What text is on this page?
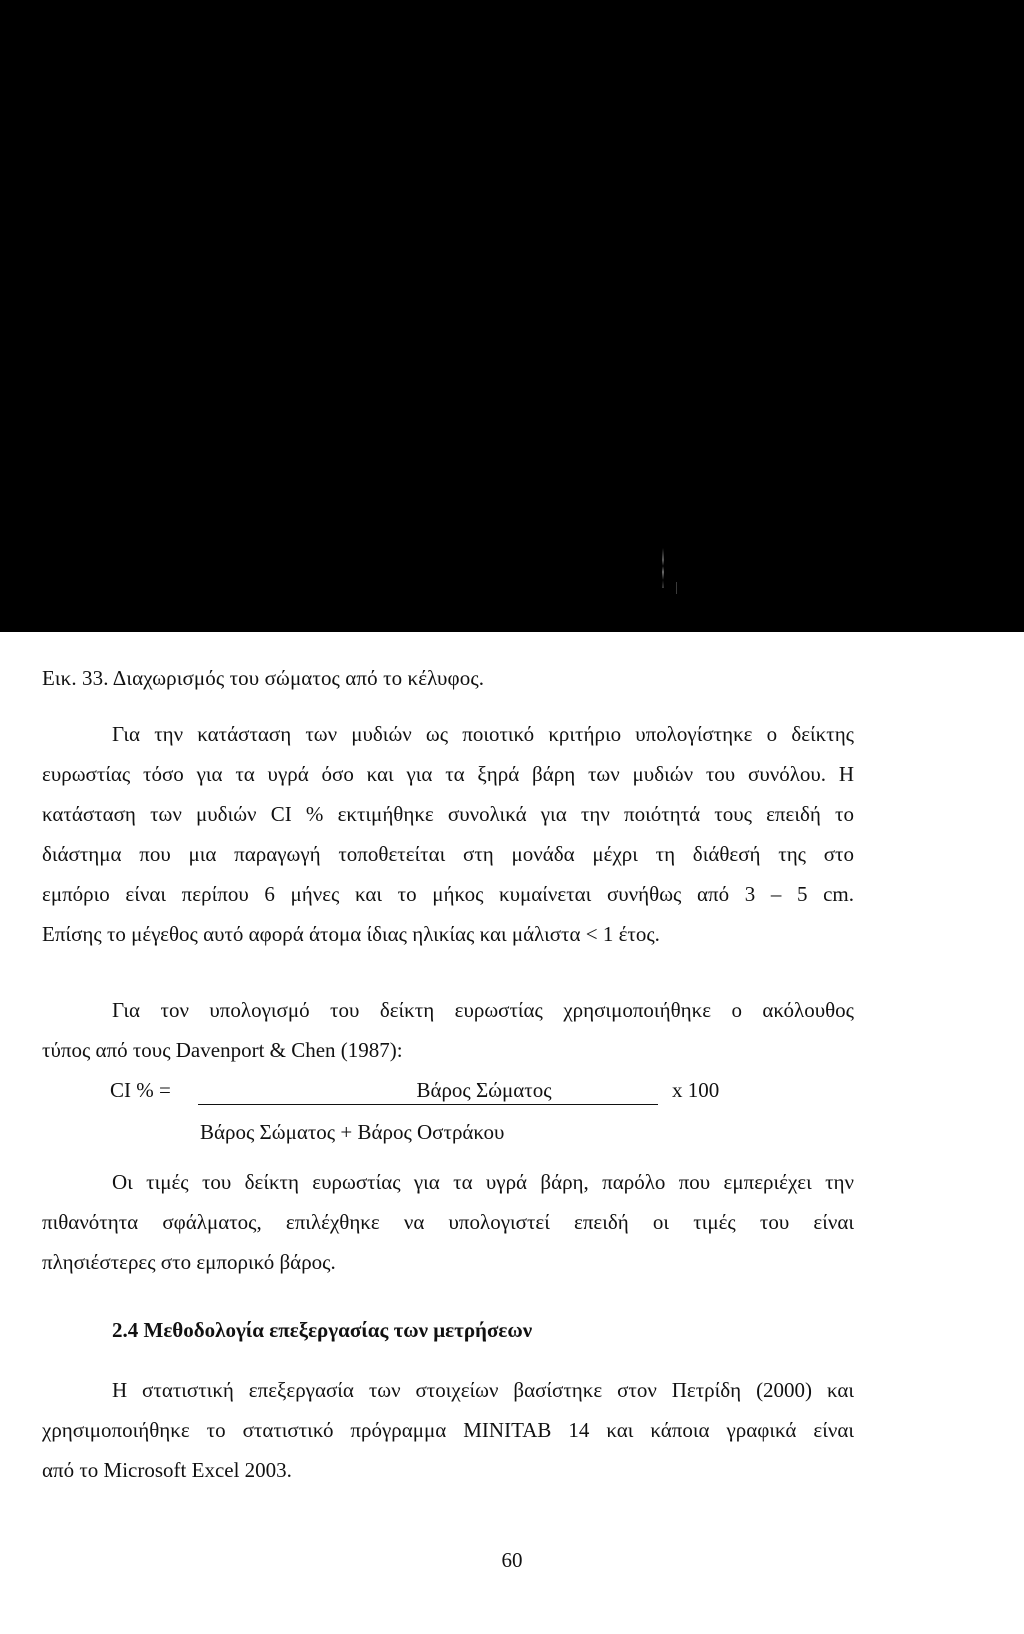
Εικ. 33. Διαχωρισμός του σώματος από το κέλυφος.

Για την κατάσταση των μυδιών ως ποιοτικό κριτήριο υπολογίστηκε ο δείκτης
ευρωστίας τόσο για τα υγρά όσο και για τα ξηρά βάρη των μυδιών του συνόλου. Η
κατάσταση των μυδιών CI % εκτιμήθηκε συνολικά για την ποιότητά τους επειδή το
διάστημα που μια παραγωγή τοποθετείται στη μονάδα μέχρι τη διάθεσή της στο
εμπόριο είναι περίπου 6 μήνες και το μήκος κυμαίνεται συνήθως από 3 – 5 cm.
Επίσης το μέγεθος αυτό αφορά άτομα ίδιας ηλικίας και μάλιστα < 1 έτος.

Για τον υπολογισμό του δείκτη ευρωστίας χρησιμοποιήθηκε ο ακόλουθος
τύπος από τους Davenport & Chen (1987):

CI % =	Βάρος Σώματος	x 100
Βάρος Σώματος + Βάρος Οστράκου

Οι τιμές του δείκτη ευρωστίας για τα υγρά βάρη, παρόλο που εμπεριέχει την
πιθανότητα σφάλματος, επιλέχθηκε να υπολογιστεί επειδή οι τιμές του είναι
πλησιέστερες στο εμπορικό βάρος.

2.4 Μεθοδολογία επεξεργασίας των μετρήσεων

Η στατιστική επεξεργασία των στοιχείων βασίστηκε στον Πετρίδη (2000) και
χρησιμοποιήθηκε το στατιστικό πρόγραμμα MINITAB 14 και κάποια γραφικά είναι
από το Microsoft Excel 2003.

60
